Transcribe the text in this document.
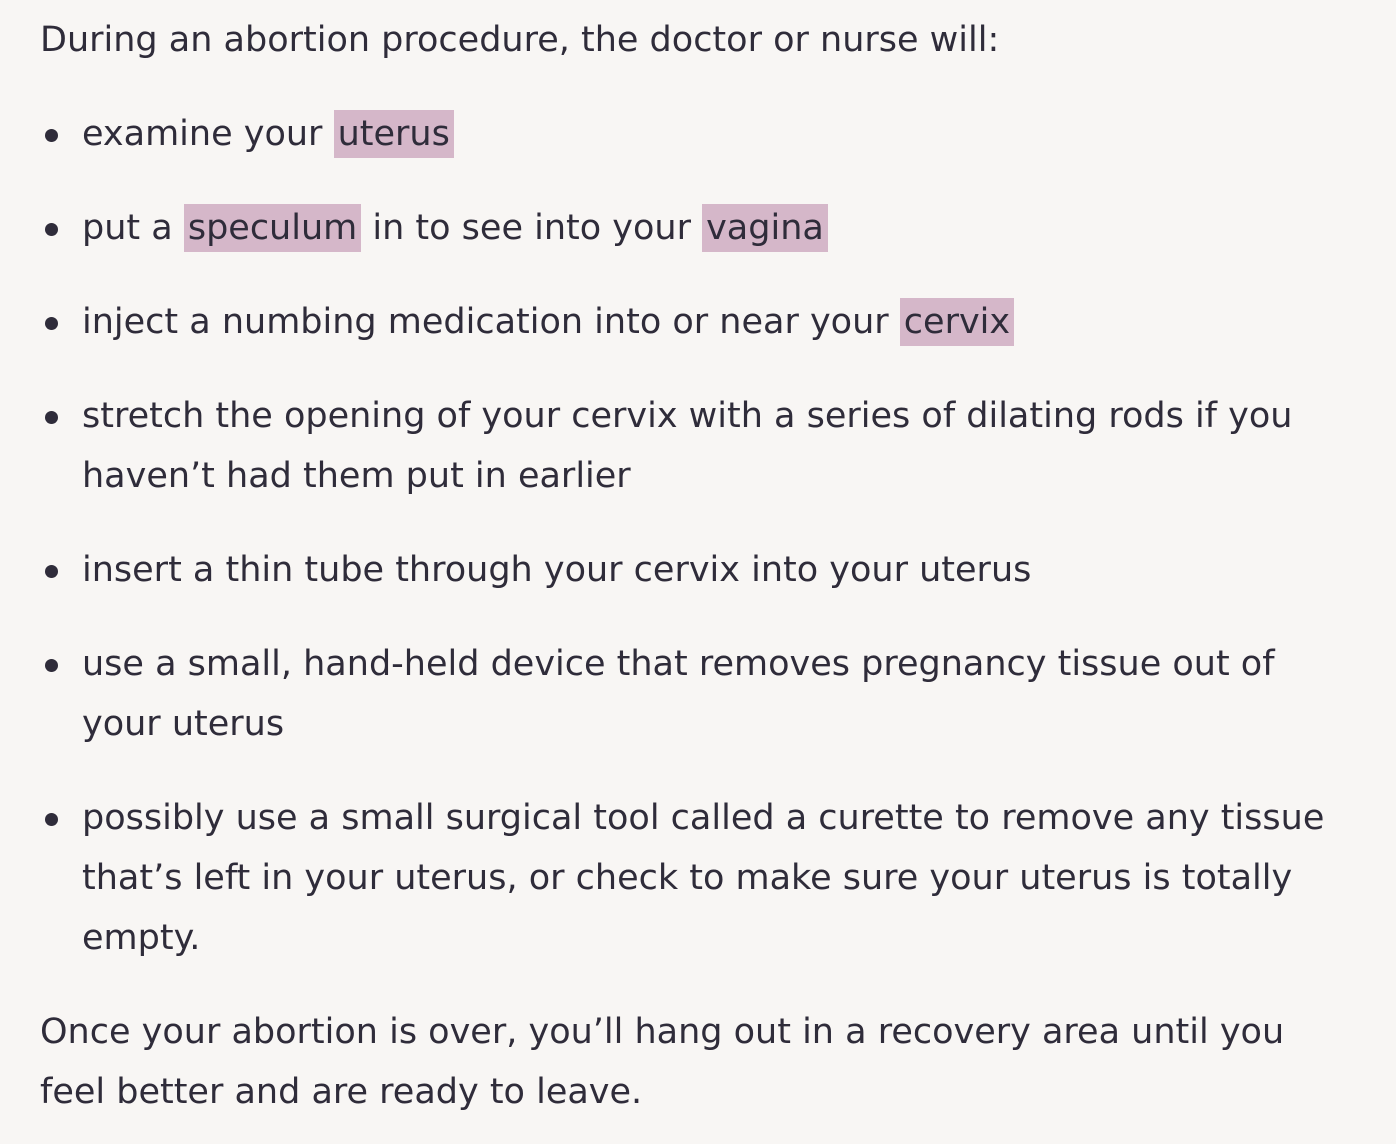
During an abortion procedure, the doctor or nurse will:

examine your uterus
put a speculum in to see into your vagina
inject a numbing medication into or near your cervix
stretch the opening of your cervix with a series of dilating rods if you haven’t had them put in earlier
insert a thin tube through your cervix into your uterus
use a small, hand-held device that removes pregnancy tissue out of your uterus
possibly use a small surgical tool called a curette to remove any tissue that’s left in your uterus, or check to make sure your uterus is totally empty.

Once your abortion is over, you’ll hang out in a recovery area until you feel better and are ready to leave.
